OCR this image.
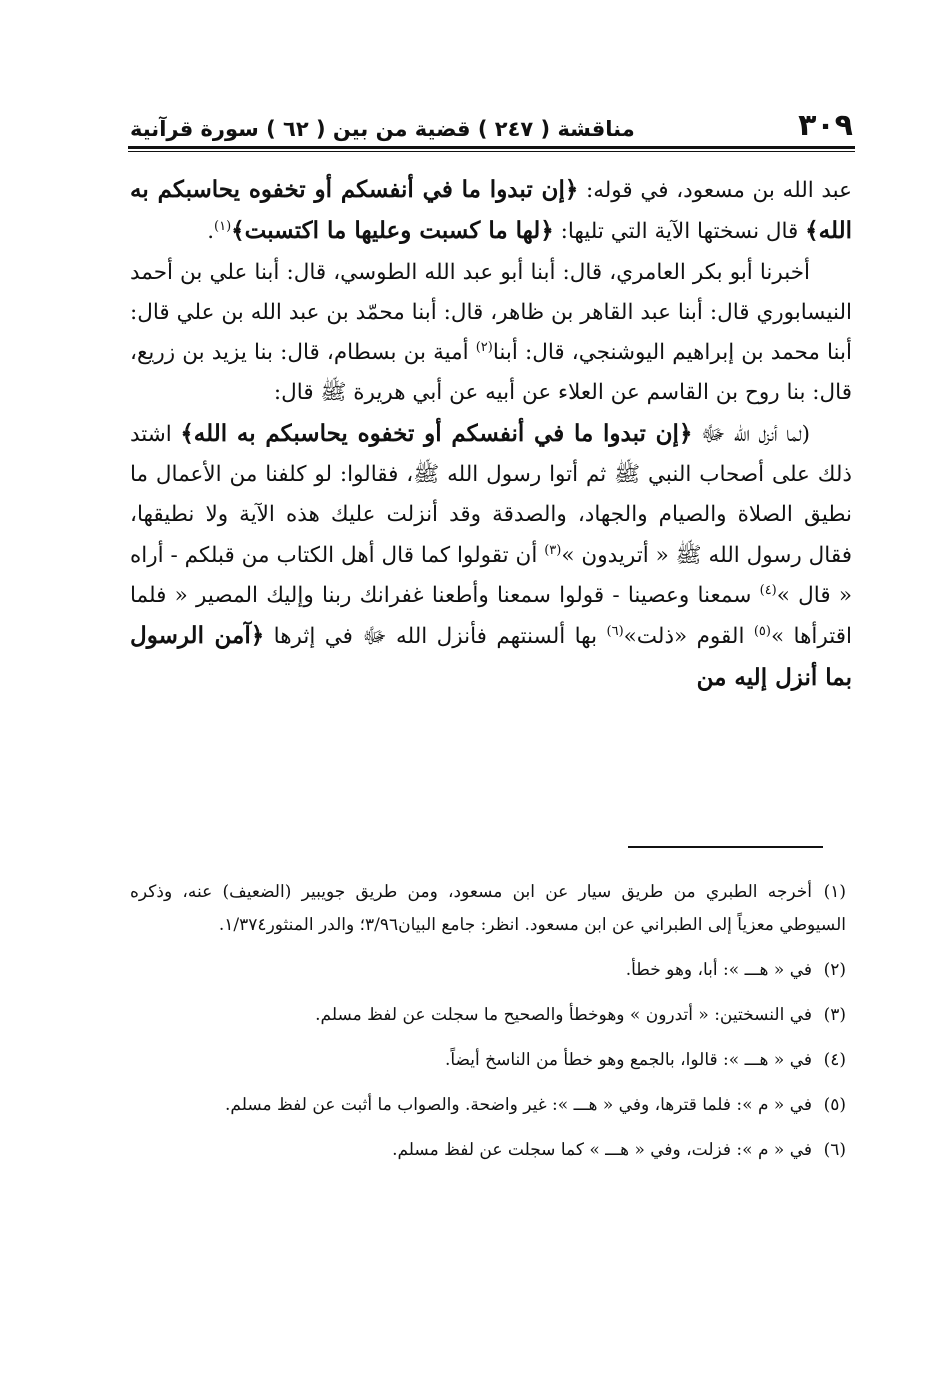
٣٠٩
مناقشة ( ٢٤٧ ) قضية من بين ( ٦٢ ) سورة قرآنية

عبد الله بن مسعود، في قوله: ﴿إن تبدوا ما في أنفسكم أو تخفوه يحاسبكم به الله﴾ قال نسختها الآية التي تليها: ﴿لها ما كسبت وعليها ما اكتسبت﴾$^{(١)}$.

أخبرنا أبو بكر العامري، قال: أبنا أبو عبد الله الطوسي، قال: أبنا علي بن أحمد النيسابوري قال: أبنا عبد القاهر بن ظاهر، قال: أبنا محمّد بن عبد الله بن علي قال: أبنا محمد بن إبراهيم اليوشنجي، قال: أبنا$^{(٢)}$ أمية بن بسطام، قال: بنا يزيد بن زريع، قال: بنا روح بن القاسم عن العلاء عن أبيه عن أبي هريرة ﷺ قال:

(لما أنزل الله ﷻ ﴿إن تبدوا ما في أنفسكم أو تخفوه يحاسبكم به الله﴾ اشتد ذلك على أصحاب النبي ﷺ ثم أتوا رسول الله ﷺ، فقالوا: لو كلفنا من الأعمال ما نطيق الصلاة والصيام والجهاد، والصدقة وقد أنزلت عليك هذه الآية ولا نطيقها، فقال رسول الله ﷺ « أتريدون »$^{(٣)}$ أن تقولوا كما قال أهل الكتاب من قبلكم - أراه « قال »$^{(٤)}$ سمعنا وعصينا - قولوا سمعنا وأطعنا غفرانك ربنا وإليك المصير « فلما اقترأها »$^{(٥)}$ القوم «ذلت»$^{(٦)}$ بها ألسنتهم فأنزل الله ﷻ في إثرها ﴿آمن الرسول بما أنزل إليه من

(١)أخرجه الطبري من طريق سيار عن ابن مسعود، ومن طريق جويبير (الضعيف) عنه، وذكره السيوطي معزياً إلى الطبراني عن ابن مسعود. انظر: جامع البيان٣/٩٦؛ والدر المنثور١/٣٧٤.

(٢)في « هـــ »: أبا، وهو خطأ.

(٣)في النسختين: « أتدرون » وهوخطأ والصحيح ما سجلت عن لفظ مسلم.

(٤)في « هـــ »: قالوا، بالجمع وهو خطأ من الناسخ أيضاً.

(٥)في « م »: فلما قترها، وفي « هـــ »: غير واضحة. والصواب ما أثبت عن لفظ مسلم.

(٦)في « م »: فزلت، وفي « هـــ » كما سجلت عن لفظ مسلم.
